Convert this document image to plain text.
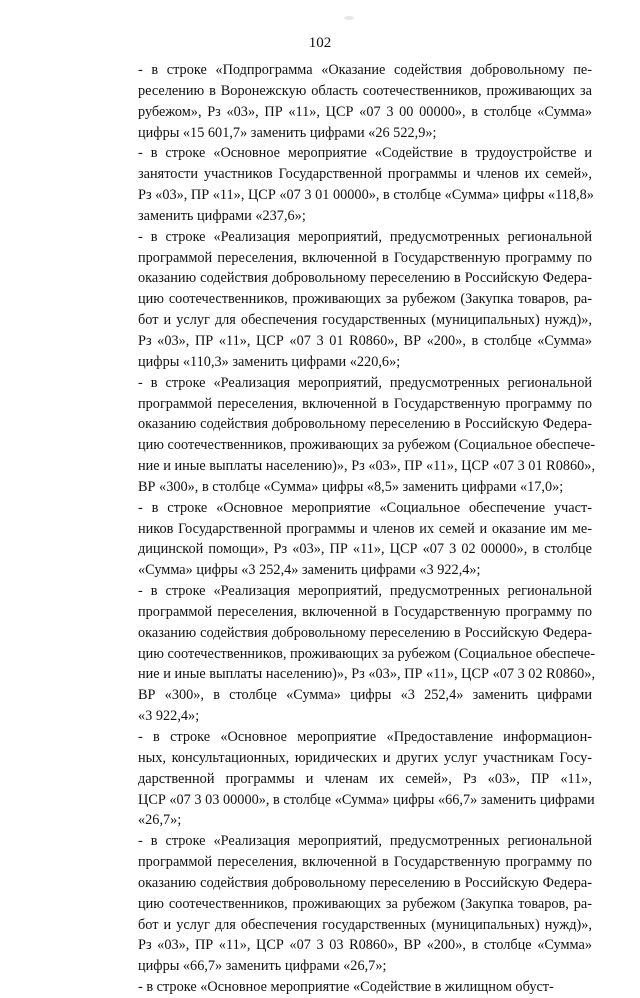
102

- в строке «Подпрограмма «Оказание содействия добровольному пе-
реселению в Воронежскую область соотечественников, проживающих за
рубежом», Рз «03», ПР «11», ЦСР «07 3 00 00000», в столбце «Сумма»
цифры «15 601,7» заменить цифрами «26 522,9»;

- в строке «Основное мероприятие «Содействие в трудоустройстве и
занятости участников Государственной программы и членов их семей»,
Рз «03», ПР «11», ЦСР «07 3 01 00000», в столбце «Сумма» цифры «118,8»
заменить цифрами «237,6»;

- в строке «Реализация мероприятий, предусмотренных региональной
программой переселения, включенной в Государственную программу по
оказанию содействия добровольному переселению в Российскую Федера-
цию соотечественников, проживающих за рубежом (Закупка товаров, ра-
бот и услуг для обеспечения государственных (муниципальных) нужд)»,
Рз «03», ПР «11», ЦСР «07 3 01 R0860», ВР «200», в столбце «Сумма»
цифры «110,3» заменить цифрами «220,6»;

- в строке «Реализация мероприятий, предусмотренных региональной
программой переселения, включенной в Государственную программу по
оказанию содействия добровольному переселению в Российскую Федера-
цию соотечественников, проживающих за рубежом (Социальное обеспече-
ние и иные выплаты населению)», Рз «03», ПР «11», ЦСР «07 3 01 R0860»,
ВР «300», в столбце «Сумма» цифры «8,5» заменить цифрами «17,0»;

- в строке «Основное мероприятие «Социальное обеспечение участ-
ников Государственной программы и членов их семей и оказание им ме-
дицинской помощи», Рз «03», ПР «11», ЦСР «07 3 02 00000», в столбце
«Сумма» цифры «3 252,4» заменить цифрами «3 922,4»;

- в строке «Реализация мероприятий, предусмотренных региональной
программой переселения, включенной в Государственную программу по
оказанию содействия добровольному переселению в Российскую Федера-
цию соотечественников, проживающих за рубежом (Социальное обеспече-
ние и иные выплаты населению)», Рз «03», ПР «11», ЦСР «07 3 02 R0860»,
ВР «300», в столбце «Сумма» цифры «3 252,4» заменить цифрами
«3 922,4»;

- в строке «Основное мероприятие «Предоставление информацион-
ных, консультационных, юридических и других услуг участникам Госу-
дарственной программы и членам их семей», Рз «03», ПР «11»,
ЦСР «07 3 03 00000», в столбце «Сумма» цифры «66,7» заменить цифрами
«26,7»;

- в строке «Реализация мероприятий, предусмотренных региональной
программой переселения, включенной в Государственную программу по
оказанию содействия добровольному переселению в Российскую Федера-
цию соотечественников, проживающих за рубежом (Закупка товаров, ра-
бот и услуг для обеспечения государственных (муниципальных) нужд)»,
Рз «03», ПР «11», ЦСР «07 3 03 R0860», ВР «200», в столбце «Сумма»
цифры «66,7» заменить цифрами «26,7»;

- в строке «Основное мероприятие «Содействие в жилищном обуст-
